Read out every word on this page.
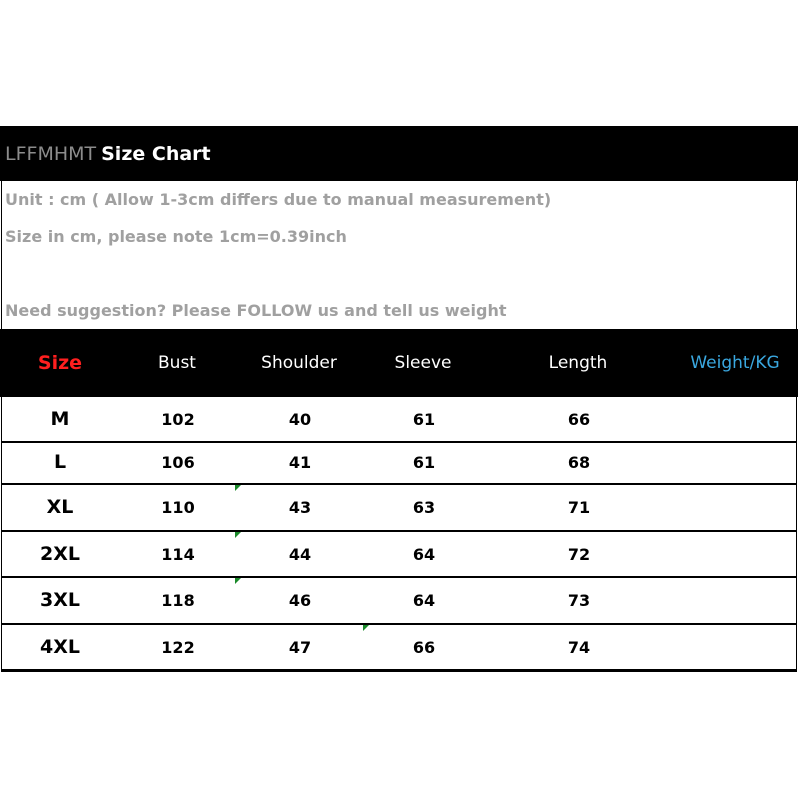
LFFMHMT Size Chart
Unit : cm ( Allow 1-3cm differs due to manual measurement)
Size in cm, please note 1cm=0.39inch
Need suggestion? Please FOLLOW us and tell us weight
Size	Bust	Shoulder	Sleeve	Length	Weight/KG
M	102	40	61	66
L	106	41	61	68
XL	110	43	63	71
2XL	114	44	64	72
3XL	118	46	64	73
4XL	122	47	66	74
